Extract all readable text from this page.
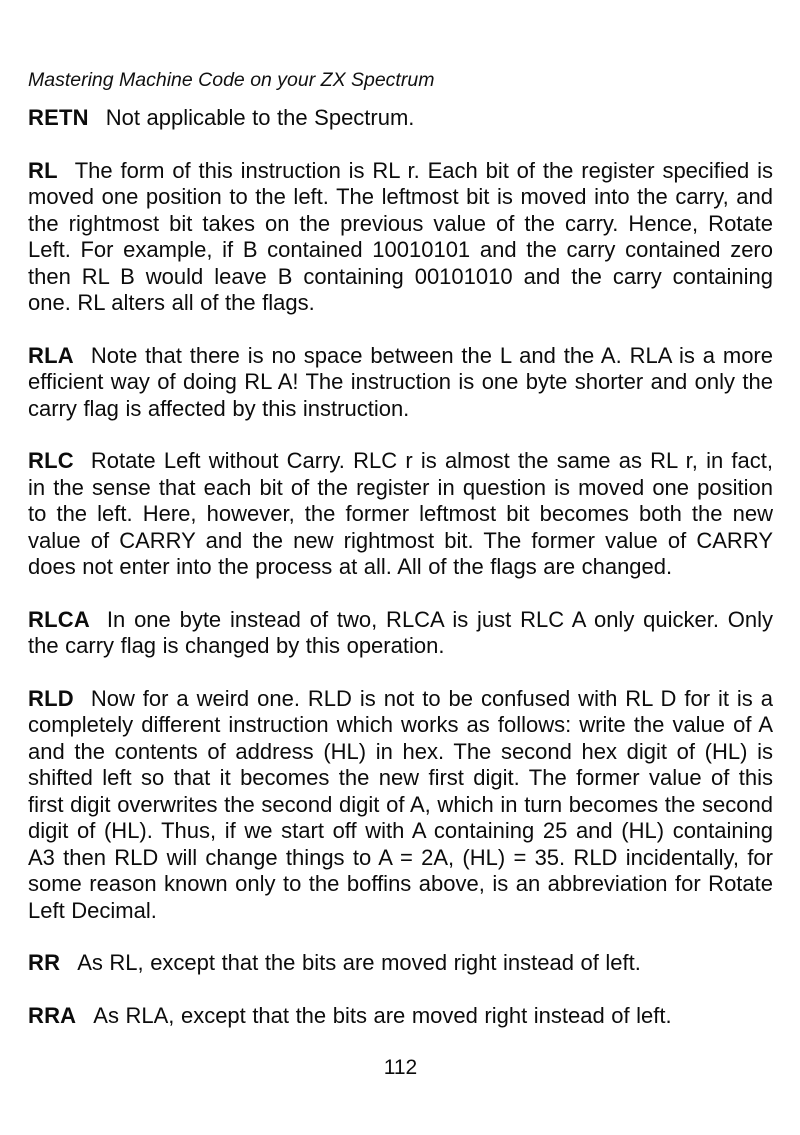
Mastering Machine Code on your ZX Spectrum

RETN Not applicable to the Spectrum.

RL The form of this instruction is RL r. Each bit of the register specified is moved one position to the left. The leftmost bit is moved into the carry, and the rightmost bit takes on the previous value of the carry. Hence, Rotate Left. For example, if B contained 10010101 and the carry contained zero then RL B would leave B containing 00101010 and the carry containing one. RL alters all of the flags.

RLA Note that there is no space between the L and the A. RLA is a more efficient way of doing RL A! The instruction is one byte shorter and only the carry flag is affected by this instruction.

RLC Rotate Left without Carry. RLC r is almost the same as RL r, in fact, in the sense that each bit of the register in question is moved one position to the left. Here, however, the former leftmost bit becomes both the new value of CARRY and the new rightmost bit. The former value of CARRY does not enter into the process at all. All of the flags are changed.

RLCA In one byte instead of two, RLCA is just RLC A only quicker. Only the carry flag is changed by this operation.

RLD Now for a weird one. RLD is not to be confused with RL D for it is a completely different instruction which works as follows: write the value of A and the contents of address (HL) in hex. The second hex digit of (HL) is shifted left so that it becomes the new first digit. The former value of this first digit overwrites the second digit of A, which in turn becomes the second digit of (HL). Thus, if we start off with A containing 25 and (HL) containing A3 then RLD will change things to A = 2A, (HL) = 35. RLD incidentally, for some reason known only to the boffins above, is an abbreviation for Rotate Left Decimal.

RR As RL, except that the bits are moved right instead of left.

RRA As RLA, except that the bits are moved right instead of left.

112
